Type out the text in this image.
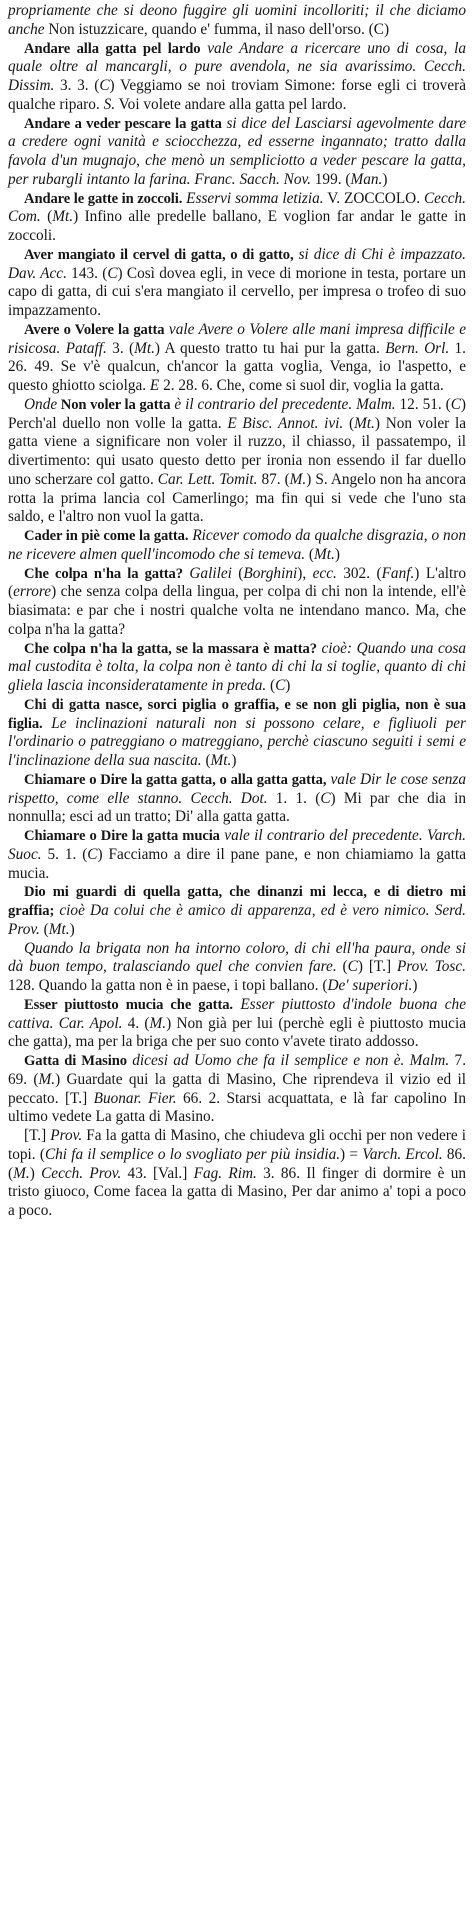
propriamente che si deono fuggire gli uomini incolloriti; il che diciamo anche Non istuzzicare, quando e' fumma, il naso dell'orso. (C)

Andare alla gatta pel lardo vale Andare a ricercare uno di cosa, la quale oltre al mancargli, o pure avendola, ne sia avarissimo. Cecch. Dissim. 3. 3. (C) Veggiamo se noi troviam Simone: forse egli ci troverà qualche riparo. S. Voi volete andare alla gatta pel lardo.

Andare a veder pescare la gatta si dice del Lasciarsi agevolmente dare a credere ogni vanità e sciocchezza, ed esserne ingannato; tratto dalla favola d'un mugnajo, che menò un sempliciotto a veder pescare la gatta, per rubargli intanto la farina. Franc. Sacch. Nov. 199. (Man.)

Andare le gatte in zoccoli. Esservi somma letizia. V. ZOCCOLO. Cecch. Com. (Mt.) Infino alle predelle ballano, E voglion far andar le gatte in zoccoli.

Aver mangiato il cervel di gatta, o di gatto, si dice di Chi è impazzato. Dav. Acc. 143. (C) Così dovea egli, in vece di morione in testa, portare un capo di gatta, di cui s'era mangiato il cervello, per impresa o trofeo di suo impazzamento.

Avere o Volere la gatta vale Avere o Volere alle mani impresa difficile e risicosa. Pataff. 3. (Mt.) A questo tratto tu hai pur la gatta. Bern. Orl. 1. 26. 49. Se v'è qualcun, ch'ancor la gatta voglia, Venga, io l'aspetto, e questo ghiotto sciolga. E 2. 28. 6. Che, come si suol dir, voglia la gatta.

Onde Non voler la gatta è il contrario del precedente. Malm. 12. 51. (C) Perch'al duello non volle la gatta. E Bisc. Annot. ivi. (Mt.) Non voler la gatta viene a significare non voler il ruzzo, il chiasso, il passatempo, il divertimento: qui usato questo detto per ironia non essendo il far duello uno scherzare col gatto. Car. Lett. Tomit. 87. (M.) S. Angelo non ha ancora rotta la prima lancia col Camerlingo; ma fin qui si vede che l'uno sta saldo, e l'altro non vuol la gatta.

Cader in piè come la gatta. Ricever comodo da qualche disgrazia, o non ne ricevere almen quell'incomodo che si temeva. (Mt.)

Che colpa n'ha la gatta? Galilei (Borghini), ecc. 302. (Fanf.) L'altro (errore) che senza colpa della lingua, per colpa di chi non la intende, ell'è biasimata: e par che i nostri qualche volta ne intendano manco. Ma, che colpa n'ha la gatta?

Che colpa n'ha la gatta, se la massara è matta? cioè: Quando una cosa mal custodita è tolta, la colpa non è tanto di chi la si toglie, quanto di chi gliela lascia inconsideratamente in preda. (C)

Chi di gatta nasce, sorci piglia o graffia, e se non gli piglia, non è sua figlia. Le inclinazioni naturali non si possono celare, e figliuoli per l'ordinario o patreggiano o matreggiano, perchè ciascuno seguiti i semi e l'inclinazione della sua nascita. (Mt.)

Chiamare o Dire la gatta gatta, o alla gatta gatta, vale Dir le cose senza rispetto, come elle stanno. Cecch. Dot. 1. 1. (C) Mi par che dia in nonnulla; esci ad un tratto; Di' alla gatta gatta.

Chiamare o Dire la gatta mucia vale il contrario del precedente. Varch. Suoc. 5. 1. (C) Facciamo a dire il pane pane, e non chiamiamo la gatta mucia.

Dio mi guardi di quella gatta, che dinanzi mi lecca, e di dietro mi graffia; cioè Da colui che è amico di apparenza, ed è vero nimico. Serd. Prov. (Mt.)

Quando la brigata non ha intorno coloro, di chi ell'ha paura, onde si dà buon tempo, tralasciando quel che convien fare. (C) [T.] Prov. Tosc. 128. Quando la gatta non è in paese, i topi ballano. (De' superiori.)

Esser piuttosto mucia che gatta. Esser piuttosto d'indole buona che cattiva. Car. Apol. 4. (M.) Non già per lui (perchè egli è piuttosto mucia che gatta), ma per la briga che per suo conto v'avete tirato addosso.

Gatta di Masino dicesi ad Uomo che fa il semplice e non è. Malm. 7. 69. (M.) Guardate qui la gatta di Masino, Che riprendeva il vizio ed il peccato. [T.] Buonar. Fier. 66. 2. Starsi acquattata, e là far capolino In ultimo vedete La gatta di Masino.

[T.] Prov. Fa la gatta di Masino, che chiudeva gli occhi per non vedere i topi. (Chi fa il semplice o lo svogliato per più insidia.) = Varch. Ercol. 86. (M.) Cecch. Prov. 43. [Val.] Fag. Rim. 3. 86. Il finger di dormire è un tristo giuoco, Come facea la gatta di Masino, Per dar animo a' topi a poco a poco.
